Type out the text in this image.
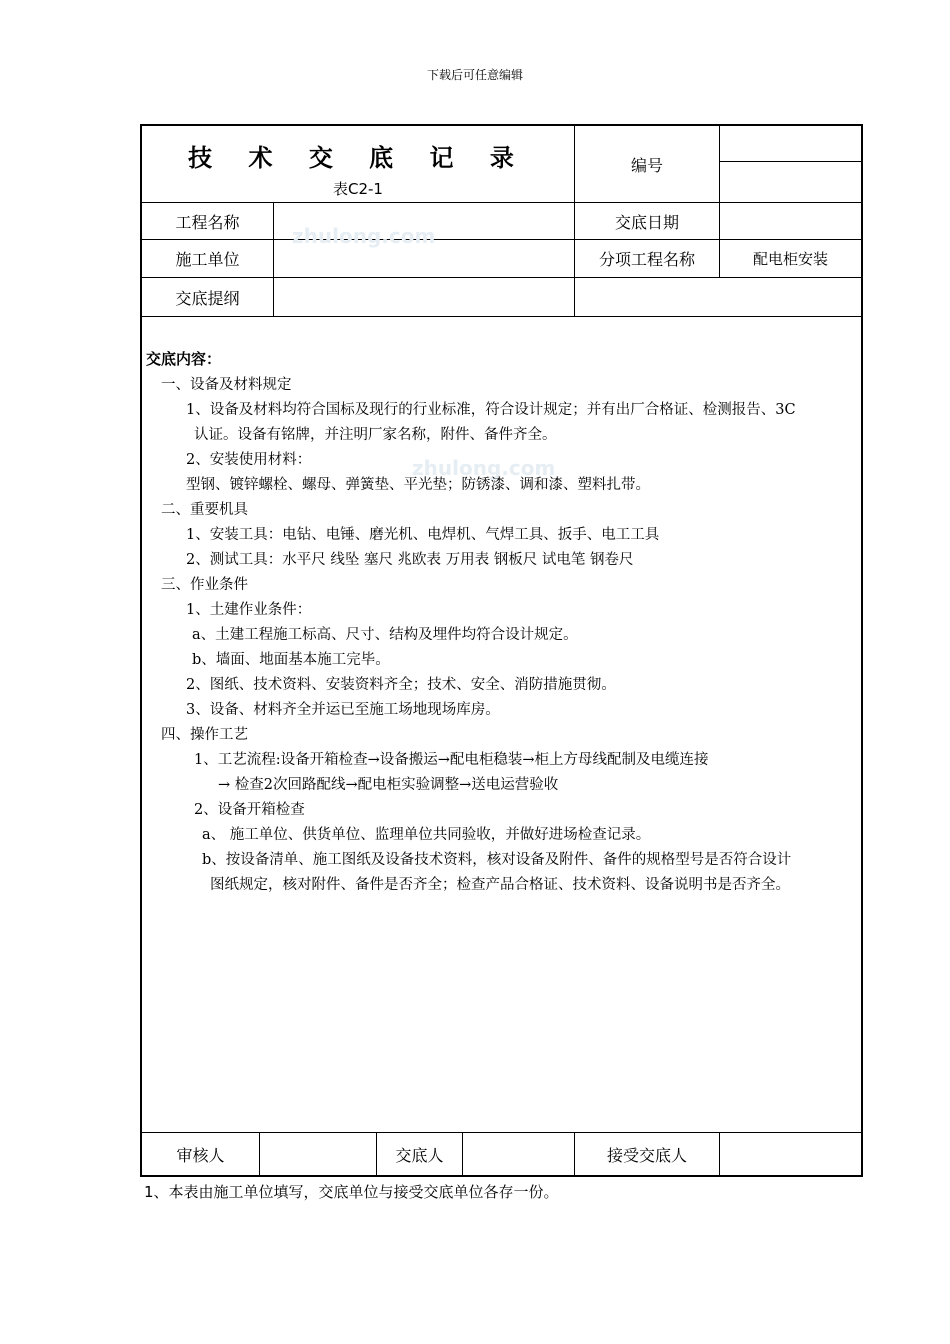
下载后可任意编辑
技 术 交 底 记 录
表C2-1
编号
工程名称	交底日期
施工单位	分项工程名称	配电柜安装
交底提纲
zhulong.com
zhulong.com
交底内容：
一、设备及材料规定
1、设备及材料均符合国标及现行的行业标准，符合设计规定；并有出厂合格证、检测报告、3C
认证。设备有铭牌，并注明厂家名称，附件、备件齐全。
2、安装使用材料：
型钢、镀锌螺栓、螺母、弹簧垫、平光垫；防锈漆、调和漆、塑料扎带。
二、重要机具
1、安装工具：电钻、电锤、磨光机、电焊机、气焊工具、扳手、电工工具
2、测试工具：水平尺 线坠 塞尺 兆欧表 万用表 钢板尺 试电笔 钢卷尺
三、作业条件
1、土建作业条件：
a、土建工程施工标高、尺寸、结构及埋件均符合设计规定。
b、墙面、地面基本施工完毕。
2、图纸、技术资料、安装资料齐全；技术、安全、消防措施贯彻。
3、设备、材料齐全并运已至施工场地现场库房。
四、操作工艺
1、工艺流程:设备开箱检查→设备搬运→配电柜稳装→柜上方母线配制及电缆连接
→ 检查2次回路配线→配电柜实验调整→送电运营验收
2、设备开箱检查
a、 施工单位、供货单位、监理单位共同验收，并做好进场检查记录。
b、按设备清单、施工图纸及设备技术资料，核对设备及附件、备件的规格型号是否符合设计
图纸规定，核对附件、备件是否齐全；检查产品合格证、技术资料、设备说明书是否齐全。
审核人	交底人	接受交底人
1、本表由施工单位填写，交底单位与接受交底单位各存一份。
